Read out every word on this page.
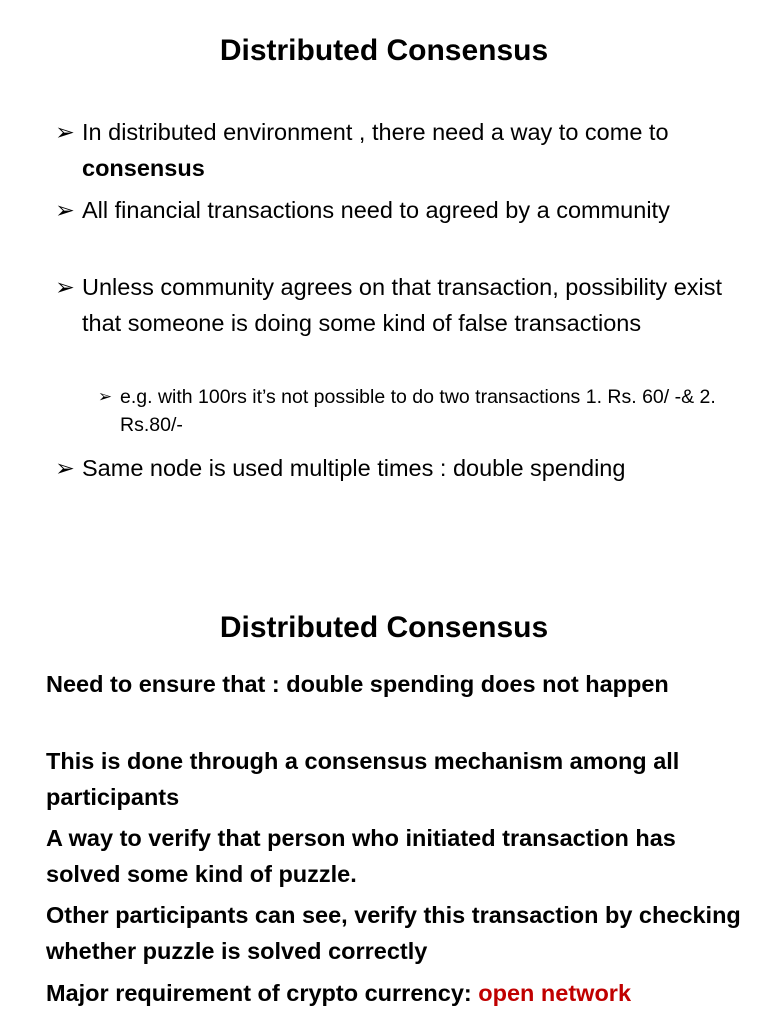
Distributed Consensus
➢ In distributed environment , there need a way to come to consensus
➢ All financial transactions need to agreed by a community
➢ Unless community agrees on that transaction, possibility exist that someone is doing some kind of false transactions
➢ e.g. with 100rs it’s not possible to do two transactions 1. Rs. 60/ -& 2. Rs.80/-
➢ Same node is used multiple times : double spending
Distributed Consensus
Need to ensure that : double spending does not happen
This is done through a consensus mechanism among all participants
A way to verify that person who initiated transaction has solved some kind of puzzle.
Other participants can see, verify this transaction by checking whether puzzle is solved correctly
Major requirement of crypto currency: open network
